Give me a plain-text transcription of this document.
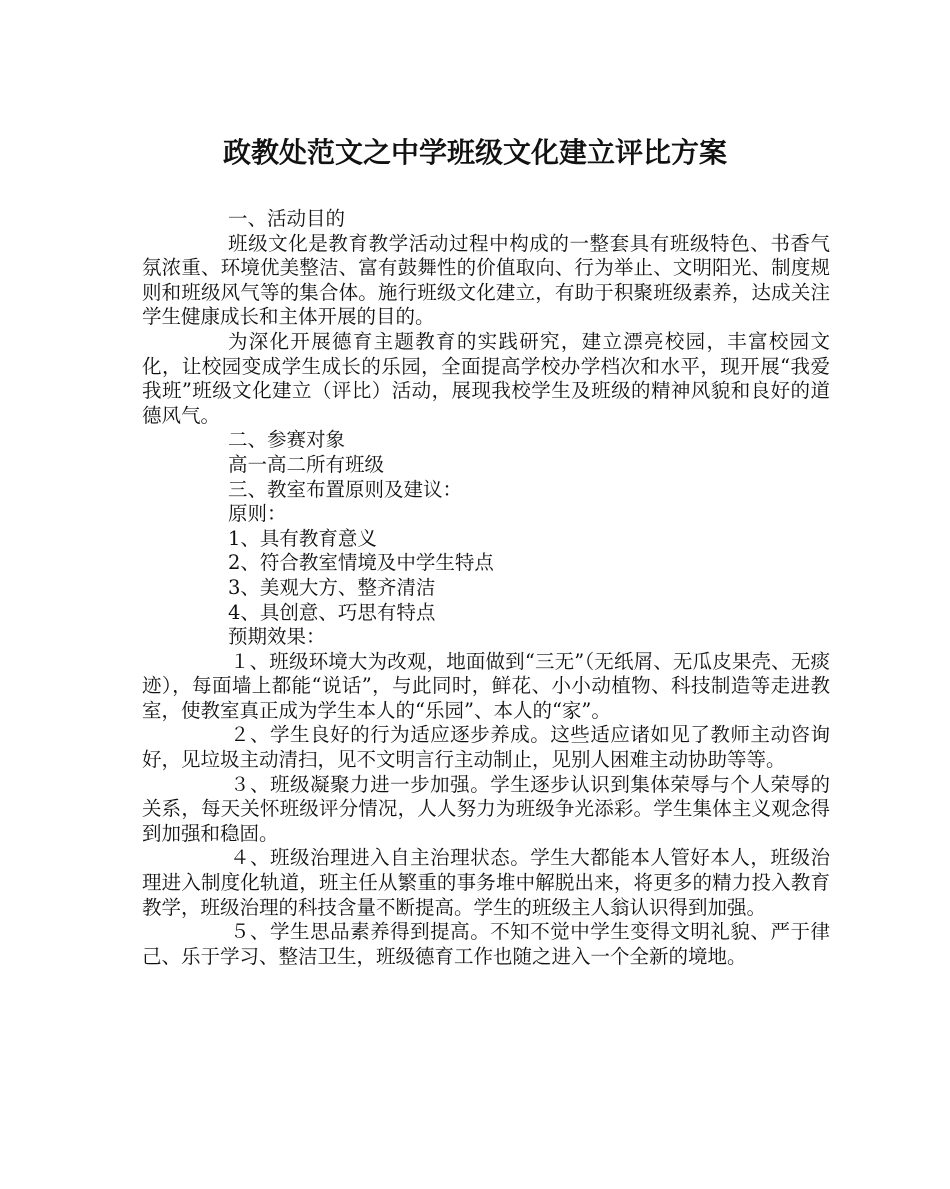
政教处范文之中学班级文化建立评比方案

一、活动目的

班级文化是教育教学活动过程中构成的一整套具有班级特色、书香气氛浓重、环境优美整洁、富有鼓舞性的价值取向、行为举止、文明阳光、制度规则和班级风气等的集合体。施行班级文化建立，有助于积聚班级素养，达成关注学生健康成长和主体开展的目的。

为深化开展德育主题教育的实践研究，建立漂亮校园，丰富校园文化，让校园变成学生成长的乐园，全面提高学校办学档次和水平，现开展“我爱我班”班级文化建立（评比）活动，展现我校学生及班级的精神风貌和良好的道德风气。

二、参赛对象

高一高二所有班级

三、教室布置原则及建议：

原则：

1、具有教育意义

2、符合教室情境及中学生特点

3、美观大方、整齐清洁

4、具创意、巧思有特点

预期效果：

１、班级环境大为改观，地面做到“三无”（无纸屑、无瓜皮果壳、无痰迹），每面墙上都能“说话”，与此同时，鲜花、小小动植物、科技制造等走进教室，使教室真正成为学生本人的“乐园”、本人的“家”。

２、学生良好的行为适应逐步养成。这些适应诸如见了教师主动咨询好，见垃圾主动清扫，见不文明言行主动制止，见别人困难主动协助等等。

３、班级凝聚力进一步加强。学生逐步认识到集体荣辱与个人荣辱的关系，每天关怀班级评分情况，人人努力为班级争光添彩。学生集体主义观念得到加强和稳固。

４、班级治理进入自主治理状态。学生大都能本人管好本人，班级治理进入制度化轨道，班主任从繁重的事务堆中解脱出来，将更多的精力投入教育教学，班级治理的科技含量不断提高。学生的班级主人翁认识得到加强。

５、学生思品素养得到提高。不知不觉中学生变得文明礼貌、严于律己、乐于学习、整洁卫生，班级德育工作也随之进入一个全新的境地。
